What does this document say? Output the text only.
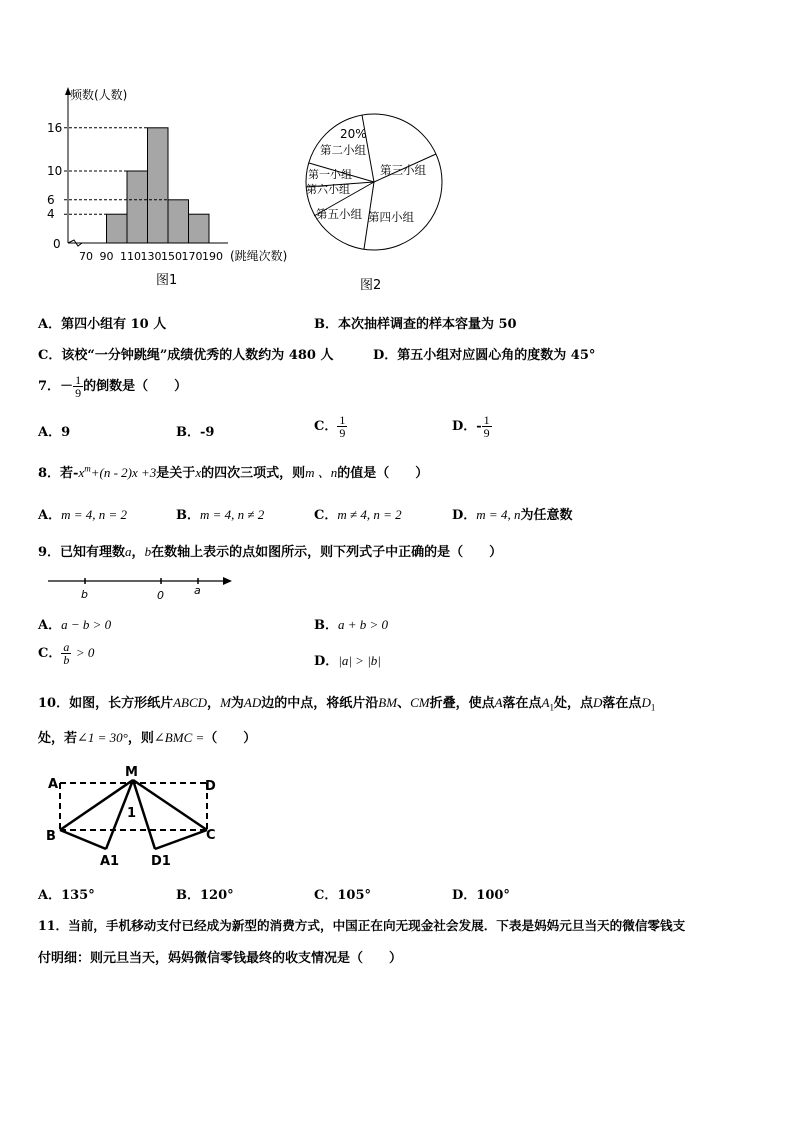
4
6
10
16
70 90 110 130 150 170 190
频数(人数)
(跳绳次数)
0
图1
20%
第二小组
第三小组
第一小组
第六小组
第五小组 第四小组
图2
A．第四小组有 10 人	B．本次抽样调查的样本容量为 50
C．该校“一分钟跳绳”成绩优秀的人数约为 480 人	D．第五小组对应圆心角的度数为 45°
7．－ $\frac{1}{9}$ 的倒数是（　　）
A．9	B．-9	C． $\frac{1}{9}$	D．- $\frac{1}{9}$
8．若$-x^m+(n - 2)x +3$是关于x的四次三项式，则m 、n的值是（　　）
A．m = 4, n = 2	B．m = 4, n ≠ 2	C．m ≠ 4, n = 2	D．m = 4, n为任意数
9．已知有理数a，b在数轴上表示的点如图所示，则下列式子中正确的是（　　）
b	0	a
A．a − b > 0	B．a + b > 0
C． $\frac{a}{b} > 0$
D．|a| > |b|
10．如图，长方形纸片ABCD，M为AD边的中点，将纸片沿BM、CM折叠，使点A落在点$A_1$处，点D落在点$D_1$
处，若∠1 = 30°，则∠BMC =（　　）
A
M
D
B	C
A1 D1
1
A．135°	B．120°	C．105°	D．100°
11．当前，手机移动支付已经成为新型的消费方式，中国正在向无现金社会发展．下表是妈妈元旦当天的微信零钱支
付明细：则元旦当天，妈妈微信零钱最终的收支情况是（　　）
